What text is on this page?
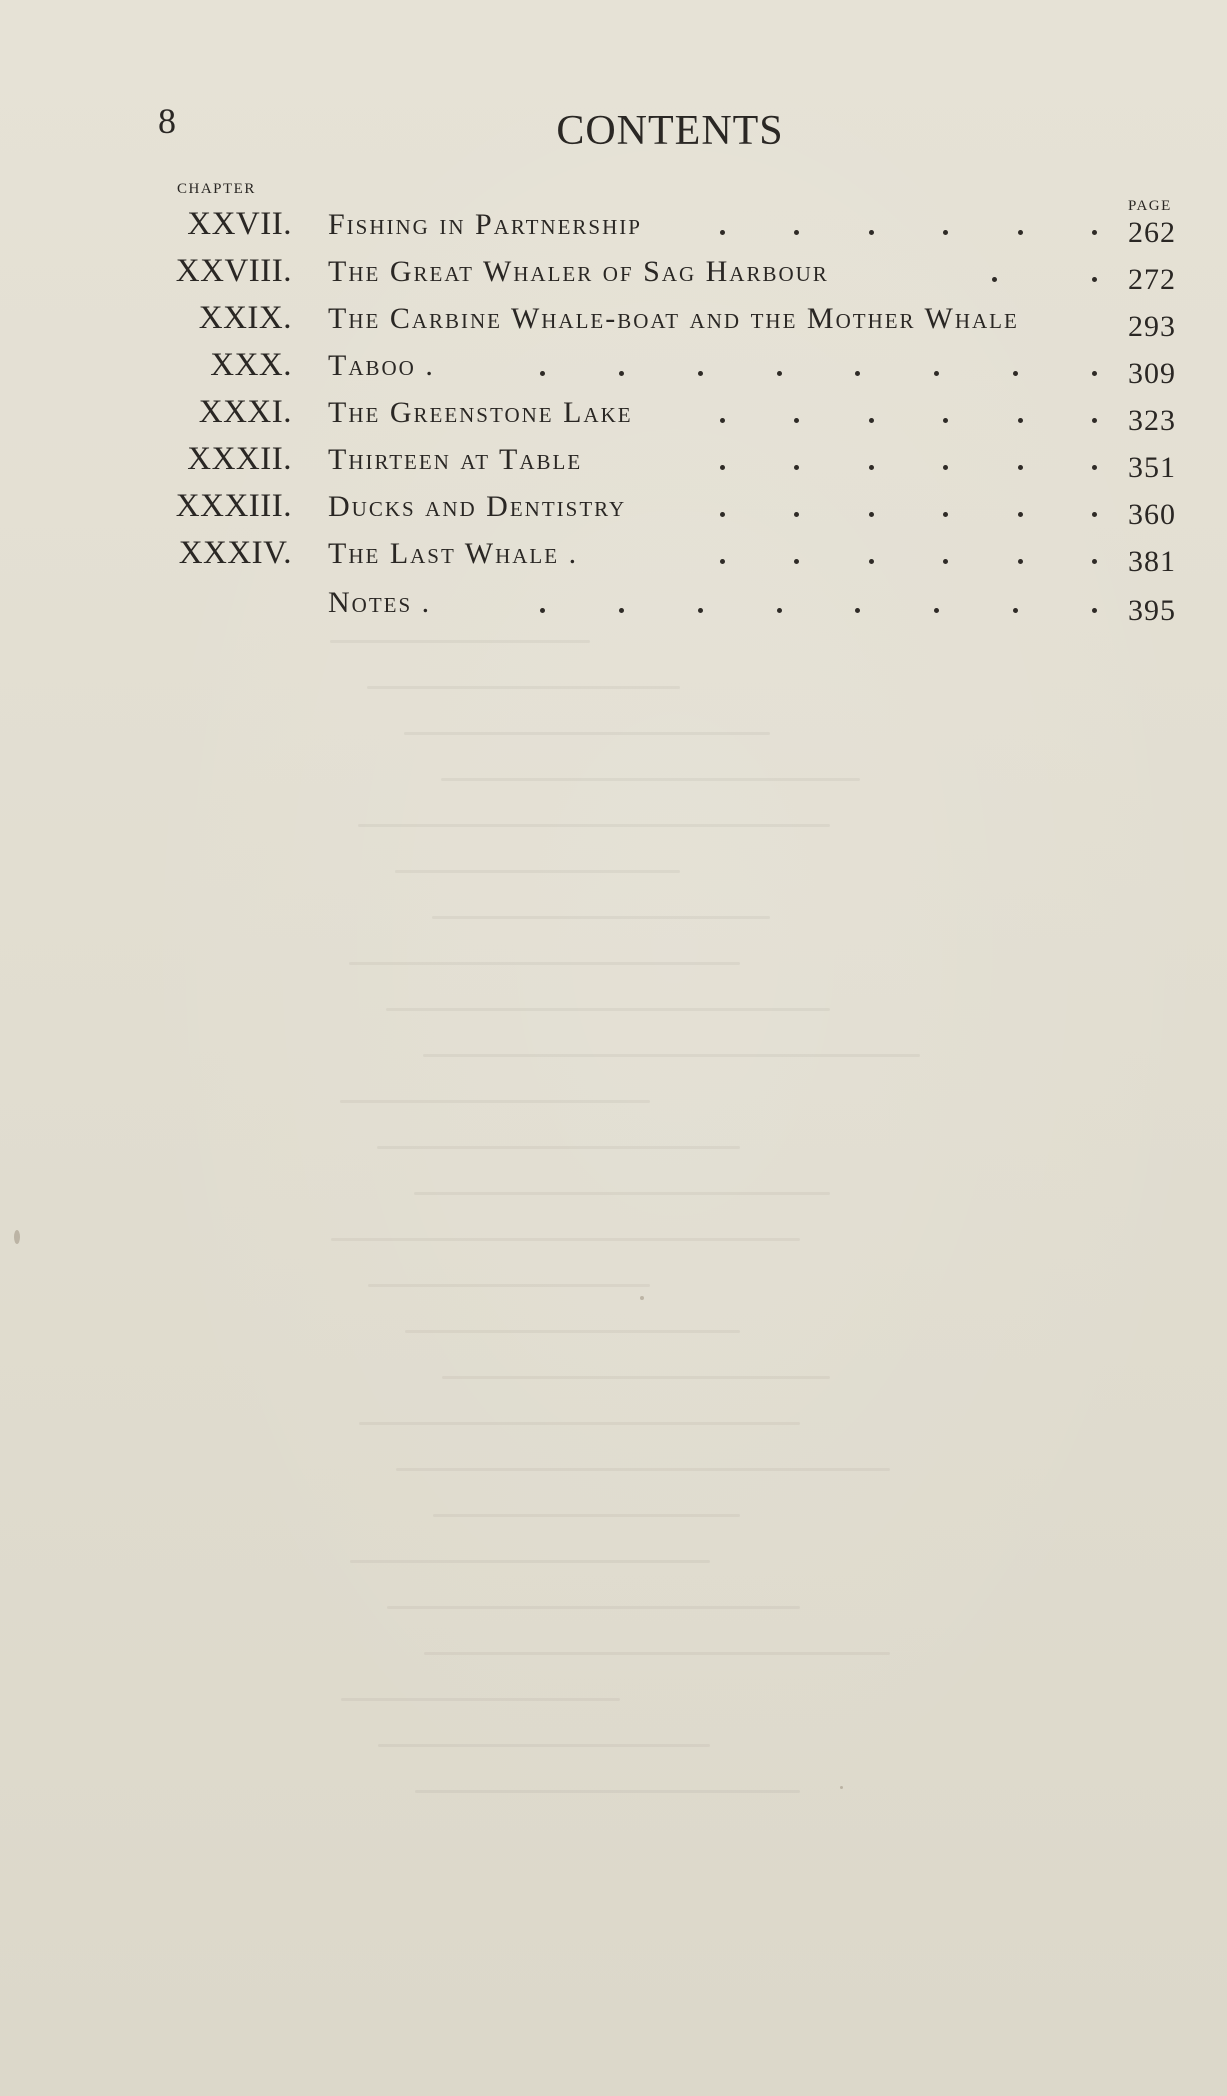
8	CONTENTS
CHAPTER
PAGE
XXVII. Fishing in Partnership	262
XXVIII. The Great Whaler of Sag Harbour	272
XXIX. The Carbine Whale-boat and the Mother Whale	293
XXX. Taboo .	309
XXXI. The Greenstone Lake	323
XXXII. Thirteen at Table	351
XXXIII. Ducks and Dentistry	360
XXXIV. The Last Whale .	381
Notes .	395
